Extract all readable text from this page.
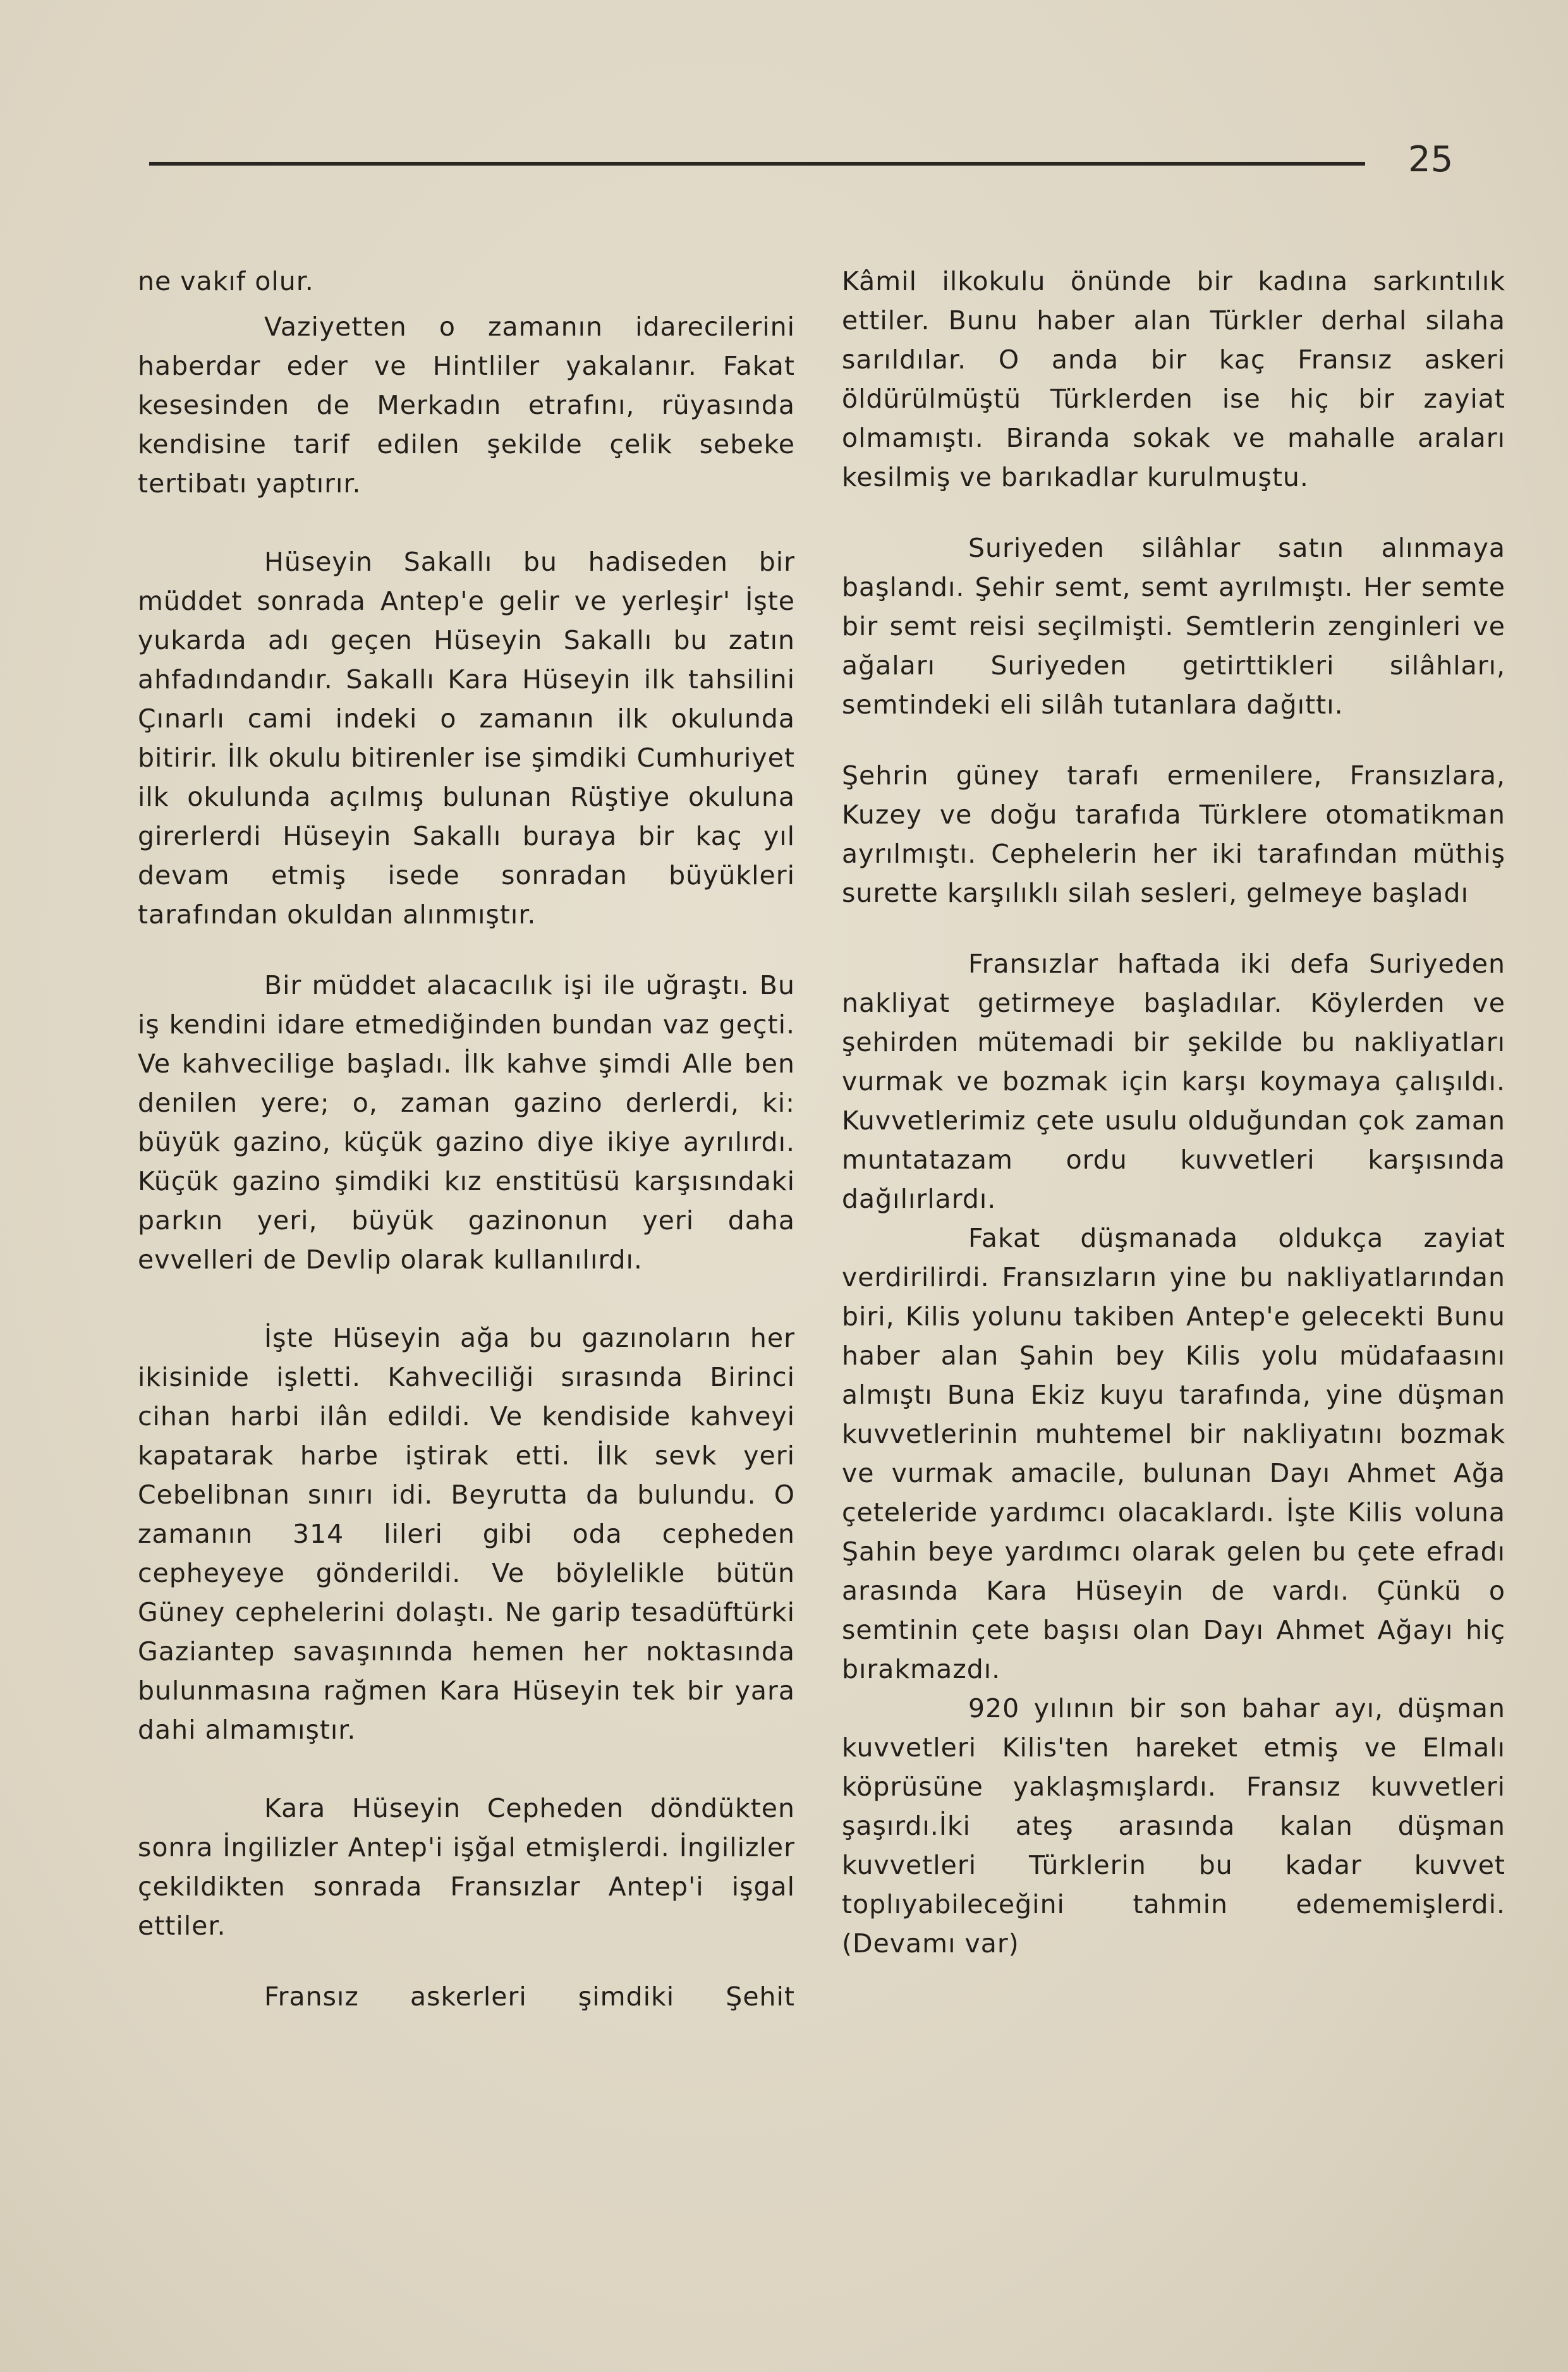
25

ne vakıf olur.

Vaziyetten o zamanın idarecilerini haberdar eder ve Hintliler yakalanır. Fakat kesesinden de Merkadın etrafını, rüyasında kendisine tarif edilen şekilde çelik sebeke tertibatı yaptırır.

Hüseyin Sakallı bu hadiseden bir müddet sonrada Antep'e gelir ve yerleşir' İşte yukarda adı geçen Hüseyin Sakallı bu zatın ahfadındandır. Sakallı Kara Hüseyin ilk tahsilini Çınarlı cami indeki o zamanın ilk okulunda bitirir. İlk okulu bitirenler ise şimdiki Cumhuriyet ilk okulunda açılmış bulunan Rüştiye okuluna girerlerdi Hüseyin Sakallı buraya bir kaç yıl devam etmiş isede sonradan büyükleri tarafından okuldan alınmıştır.

Bir müddet alacacılık işi ile uğraştı. Bu iş kendini idare etmediğinden bundan vaz geçti. Ve kahvecilige başladı. İlk kahve şimdi Alle ben denilen yere; o, zaman gazino derlerdi, ki: büyük gazino, küçük gazino diye ikiye ayrılırdı. Küçük gazino şimdiki kız enstitüsü karşısındaki parkın yeri, büyük gazinonun yeri daha evvelleri de Devlip olarak kullanılırdı.

İşte Hüseyin ağa bu gazınoların her ikisinide işletti. Kahveciliği sırasında Birinci cihan harbi ilân edildi. Ve kendiside kahveyi kapatarak harbe iştirak etti. İlk sevk yeri Cebelibnan sınırı idi. Beyrutta da bulundu. O zamanın 314 lileri gibi oda cepheden cepheyeye gönderildi. Ve böylelikle bütün Güney cephelerini dolaştı. Ne garip tesadüftürki Gaziantep savaşınında hemen her noktasında bulunmasına rağmen Kara Hüseyin tek bir yara dahi almamıştır.

Kara Hüseyin Cepheden döndükten sonra İngilizler Antep'i işğal etmişlerdi. İngilizler çekildikten sonrada Fransızlar Antep'i işgal ettiler.

Fransız askerleri şimdiki Şehit

Kâmil ilkokulu önünde bir kadına sarkıntılık ettiler. Bunu haber alan Türkler derhal silaha sarıldılar. O anda bir kaç Fransız askeri öldürülmüştü Türklerden ise hiç bir zayiat olmamıştı. Biranda sokak ve mahalle araları kesilmiş ve barıkadlar kurulmuştu.

Suriyeden silâhlar satın alınmaya başlandı. Şehir semt, semt ayrılmıştı. Her semte bir semt reisi seçilmişti. Semtlerin zenginleri ve ağaları Suriyeden getirttikleri silâhları, semtindeki eli silâh tutanlara dağıttı.

Şehrin güney tarafı ermenilere, Fransızlara, Kuzey ve doğu tarafıda Türklere otomatikman ayrılmıştı. Cephelerin her iki tarafından müthiş surette karşılıklı silah sesleri, gelmeye başladı

Fransızlar haftada iki defa Suriyeden nakliyat getirmeye başladılar. Köylerden ve şehirden mütemadi bir şekilde bu nakliyatları vurmak ve bozmak için karşı koymaya çalışıldı. Kuvvetlerimiz çete usulu olduğundan çok zaman muntatazam ordu kuvvetleri karşısında dağılırlardı.

Fakat düşmanada oldukça zayiat verdirilirdi. Fransızların yine bu nakliyatlarından biri, Kilis yolunu takiben Antep'e gelecekti Bunu haber alan Şahin bey Kilis yolu müdafaasını almıştı Buna Ekiz kuyu tarafında, yine düşman kuvvetlerinin muhtemel bir nakliyatını bozmak ve vurmak amacile, bulunan Dayı Ahmet Ağa çeteleride yardımcı olacaklardı. İşte Kilis voluna Şahin beye yardımcı olarak gelen bu çete efradı arasında Kara Hüseyin de vardı. Çünkü o semtinin çete başısı olan Dayı Ahmet Ağayı hiç bırakmazdı.

920 yılının bir son bahar ayı, düşman kuvvetleri Kilis'ten hareket etmiş ve Elmalı köprüsüne yaklaşmışlardı. Fransız kuvvetleri şaşırdı.İki ateş arasında kalan düşman kuvvetleri Türklerin bu kadar kuvvet toplıyabileceğini tahmin edememişlerdi. (Devamı var)
